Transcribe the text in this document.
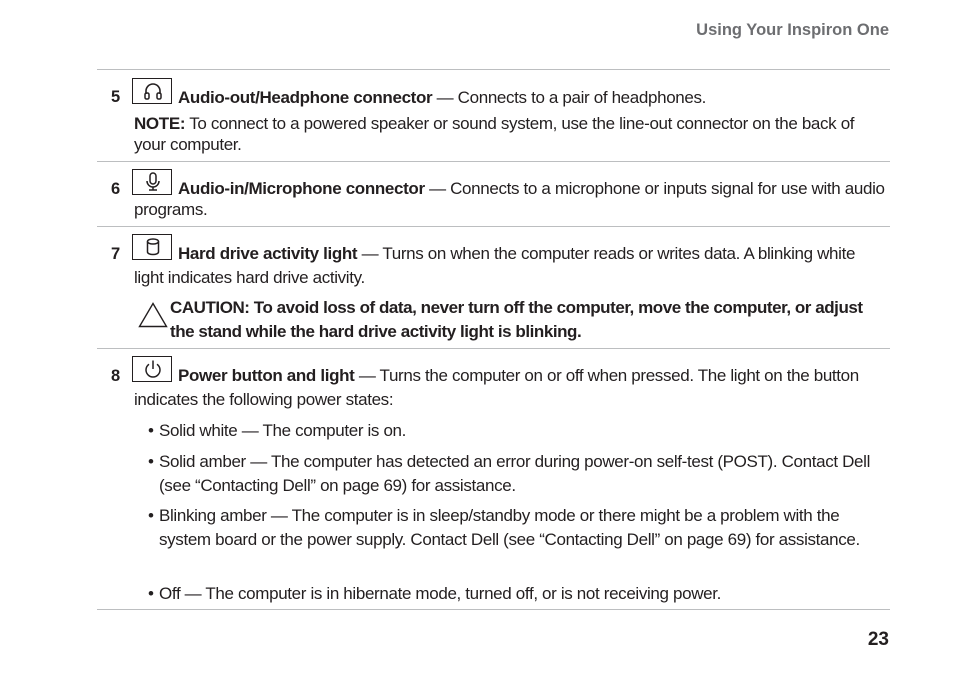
Using Your Inspiron One
5	Audio-out/Headphone connector — Connects to a pair of headphones.
NOTE: To connect to a powered speaker or sound system, use the line-out connector on the back of your computer.
6	Audio-in/Microphone connector — Connects to a microphone or inputs signal for use with audio programs.
7	Hard drive activity light — Turns on when the computer reads or writes data. A blinking white light indicates hard drive activity.
CAUTION: To avoid loss of data, never turn off the computer, move the computer, or adjust the stand while the hard drive activity light is blinking.
8	Power button and light — Turns the computer on or off when pressed. The light on the button indicates the following power states:
• Solid white — The computer is on.
• Solid amber — The computer has detected an error during power-on self-test (POST). Contact Dell (see “Contacting Dell” on page 69) for assistance.
• Blinking amber — The computer is in sleep/standby mode or there might be a problem with the system board or the power supply. Contact Dell (see “Contacting Dell” on page 69) for assistance.
• Off — The computer is in hibernate mode, turned off, or is not receiving power.
23
